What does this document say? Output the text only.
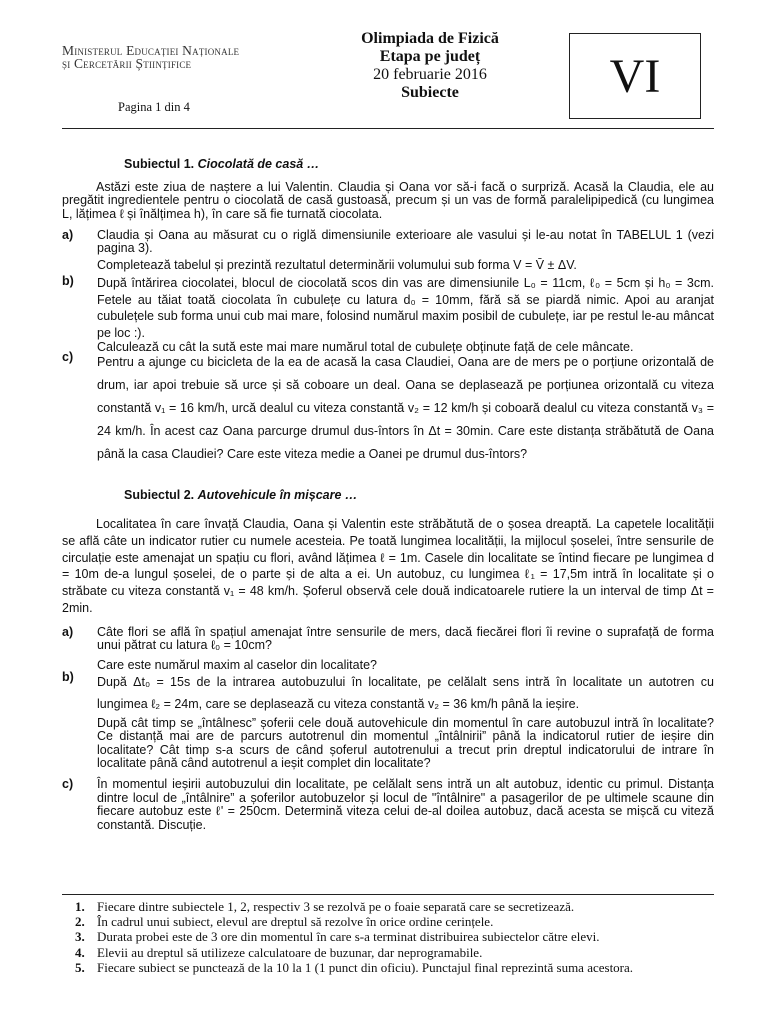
Ministerul Educației Naționale
și Cercetării Științifice
Pagina 1 din 4
Olimpiada de Fizică
Etapa pe județ
20 februarie 2016
Subiecte	VI
Subiectul 1. Ciocolată de casă …
Astăzi este ziua de naștere a lui Valentin. Claudia și Oana vor să-i facă o surpriză. Acasă la Claudia, ele au pregătit ingredientele pentru o ciocolată de casă gustoasă, precum și un vas de formă paralelipipedică (cu lungimea L, lățimea ℓ și înălțimea h), în care să fie turnată ciocolata.
a) Claudia și Oana au măsurat cu o riglă dimensiunile exterioare ale vasului și le-au notat în TABELUL 1 (vezi pagina 3).
Completează tabelul și prezintă rezultatul determinării volumului sub forma V = V̄ ± ΔV.
b) După întărirea ciocolatei, blocul de ciocolată scos din vas are dimensiunile L₀ = 11cm, ℓ₀ = 5cm și h₀ = 3cm. Fetele au tăiat toată ciocolata în cubulețe cu latura d₀ = 10mm, fără să se piardă nimic. Apoi au aranjat cubulețele sub forma unui cub mai mare, folosind numărul maxim posibil de cubulețe, iar pe restul le-au mâncat pe loc :).
Calculează cu cât la sută este mai mare numărul total de cubulețe obținute față de cele mâncate.
c) Pentru a ajunge cu bicicleta de la ea de acasă la casa Claudiei, Oana are de mers pe o porțiune orizontală de drum, iar apoi trebuie să urce și să coboare un deal. Oana se deplasează pe porțiunea orizontală cu viteza constantă v₁ = 16 km/h, urcă dealul cu viteza constantă v₂ = 12 km/h și coboară dealul cu viteza constantă v₃ = 24 km/h. În acest caz Oana parcurge drumul dus-întors în Δt = 30min. Care este distanța străbătută de Oana până la casa Claudiei? Care este viteza medie a Oanei pe drumul dus-întors?
Subiectul 2. Autovehicule în mișcare …
Localitatea în care învață Claudia, Oana și Valentin este străbătută de o șosea dreaptă. La capetele localității se află câte un indicator rutier cu numele acesteia. Pe toată lungimea localității, la mijlocul șoselei, între sensurile de circulație este amenajat un spațiu cu flori, având lățimea ℓ = 1m. Casele din localitate se întind fiecare pe lungimea d = 10m de-a lungul șoselei, de o parte și de alta a ei. Un autobuz, cu lungimea ℓ₁ = 17,5m intră în localitate și o străbate cu viteza constantă v₁ = 48 km/h. Șoferul observă cele două indicatoarele rutiere la un interval de timp Δt = 2min.
a) Câte flori se află în spațiul amenajat între sensurile de mers, dacă fiecărei flori îi revine o suprafață de forma unui pătrat cu latura ℓ₀ = 10cm?
Care este numărul maxim al caselor din localitate?
b) După Δt₀ = 15s de la intrarea autobuzului în localitate, pe celălalt sens intră în localitate un autotren cu lungimea ℓ₂ = 24m, care se deplasează cu viteza constantă v₂ = 36 km/h până la ieșire.
După cât timp se „întâlnesc” șoferii cele două autovehicule din momentul în care autobuzul intră în localitate? Ce distanță mai are de parcurs autotrenul din momentul „întâlnirii” până la indicatorul rutier de ieșire din localitate? Cât timp s-a scurs de când șoferul autotrenului a trecut prin dreptul indicatorului de intrare în localitate până când autotrenul a ieșit complet din localitate?
c) În momentul ieșirii autobuzului din localitate, pe celălalt sens intră un alt autobuz, identic cu primul. Distanța dintre locul de „întâlnire” a șoferilor autobuzelor și locul de "întâlnire" a pasagerilor de pe ultimele scaune din fiecare autobuz este ℓ' = 250cm. Determină viteza celui de-al doilea autobuz, dacă acesta se mișcă cu viteză constantă. Discuție.
1. Fiecare dintre subiectele 1, 2, respectiv 3 se rezolvă pe o foaie separată care se secretizează.
2. În cadrul unui subiect, elevul are dreptul să rezolve în orice ordine cerințele.
3. Durata probei este de 3 ore din momentul în care s-a terminat distribuirea subiectelor către elevi.
4. Elevii au dreptul să utilizeze calculatoare de buzunar, dar neprogramabile.
5. Fiecare subiect se punctează de la 10 la 1 (1 punct din oficiu). Punctajul final reprezintă suma acestora.
